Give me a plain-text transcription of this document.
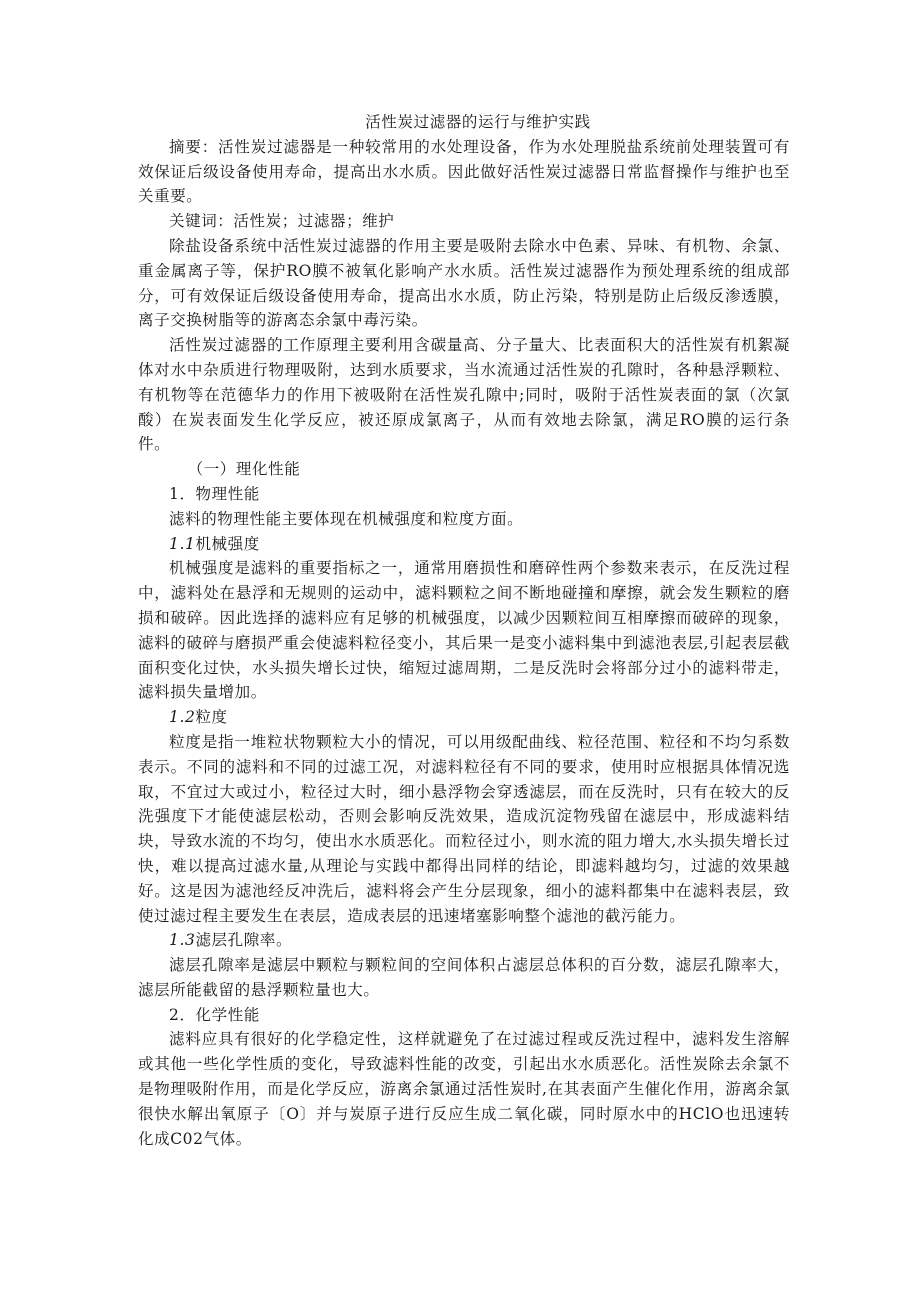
活性炭过滤器的运行与维护实践

摘要：活性炭过滤器是一种较常用的水处理设备，作为水处理脱盐系统前处理装置可有效保证后级设备使用寿命，提高出水水质。因此做好活性炭过滤器日常监督操作与维护也至关重要。

关键词：活性炭；过滤器；维护

除盐设备系统中活性炭过滤器的作用主要是吸附去除水中色素、异味、有机物、余氯、重金属离子等，保护RO膜不被氧化影响产水水质。活性炭过滤器作为预处理系统的组成部分，可有效保证后级设备使用寿命，提高出水水质，防止污染，特别是防止后级反渗透膜，离子交换树脂等的游离态余氯中毒污染。

活性炭过滤器的工作原理主要利用含碳量高、分子量大、比表面积大的活性炭有机絮凝体对水中杂质进行物理吸附，达到水质要求，当水流通过活性炭的孔隙时，各种悬浮颗粒、有机物等在范德华力的作用下被吸附在活性炭孔隙中;同时，吸附于活性炭表面的氯（次氯酸）在炭表面发生化学反应，被还原成氯离子，从而有效地去除氯，满足RO膜的运行条件。

（一）理化性能

1．物理性能

滤料的物理性能主要体现在机械强度和粒度方面。

1.1机械强度

机械强度是滤料的重要指标之一，通常用磨损性和磨碎性两个参数来表示，在反洗过程中，滤料处在悬浮和无规则的运动中，滤料颗粒之间不断地碰撞和摩擦，就会发生颗粒的磨损和破碎。因此选择的滤料应有足够的机械强度，以减少因颗粒间互相摩擦而破碎的现象，滤料的破碎与磨损严重会使滤料粒径变小，其后果一是变小滤料集中到滤池表层,引起表层截面积变化过快，水头损失增长过快，缩短过滤周期，二是反洗时会将部分过小的滤料带走，滤料损失量增加。

1.2粒度

粒度是指一堆粒状物颗粒大小的情况，可以用级配曲线、粒径范围、粒径和不均匀系数表示。不同的滤料和不同的过滤工况，对滤料粒径有不同的要求，使用时应根据具体情况选取，不宜过大或过小，粒径过大时，细小悬浮物会穿透滤层，而在反洗时，只有在较大的反洗强度下才能使滤层松动，否则会影响反洗效果，造成沉淀物残留在滤层中，形成滤料结块，导致水流的不均匀，使出水水质恶化。而粒径过小，则水流的阻力增大,水头损失增长过快，难以提高过滤水量,从理论与实践中都得出同样的结论，即滤料越均匀，过滤的效果越好。这是因为滤池经反冲洗后，滤料将会产生分层现象，细小的滤料都集中在滤料表层，致使过滤过程主要发生在表层，造成表层的迅速堵塞影响整个滤池的截污能力。

1.3滤层孔隙率。

滤层孔隙率是滤层中颗粒与颗粒间的空间体积占滤层总体积的百分数，滤层孔隙率大，滤层所能截留的悬浮颗粒量也大。

2．化学性能

滤料应具有很好的化学稳定性，这样就避免了在过滤过程或反洗过程中，滤料发生溶解或其他一些化学性质的变化，导致滤料性能的改变，引起出水水质恶化。活性炭除去余氯不是物理吸附作用，而是化学反应，游离余氯通过活性炭时,在其表面产生催化作用，游离余氯很快水解出氧原子〔O〕并与炭原子进行反应生成二氧化碳，同时原水中的HClO也迅速转化成C02气体。
